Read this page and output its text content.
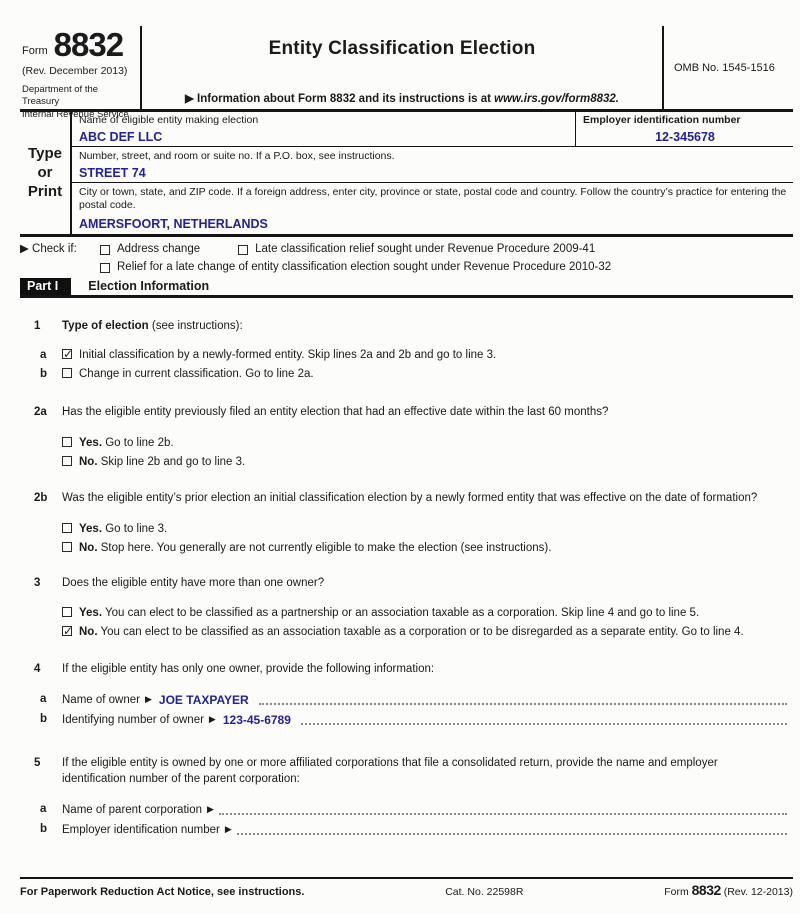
Form 8832
(Rev. December 2013)
Department of the Treasury
Internal Revenue Service
Entity Classification Election
▶ Information about Form 8832 and its instructions is at www.irs.gov/form8832.
OMB No. 1545-1516
Type
or
Print
Name of eligible entity making election
ABC DEF LLC
Employer identification number
12-345678
Number, street, and room or suite no. If a P.O. box, see instructions.
STREET 74
City or town, state, and ZIP code. If a foreign address, enter city, province or state, postal code and country. Follow the country’s practice for entering the postal code.
AMERSFOORT, NETHERLANDS
▶ Check if:	Address change	Late classification relief sought under Revenue Procedure 2009-41
Relief for a late change of entity classification election sought under Revenue Procedure 2010-32
Part I	Election Information
1	Type of election (see instructions):
a ✓	Initial classification by a newly-formed entity. Skip lines 2a and 2b and go to line 3.
b	Change in current classification. Go to line 2a.
2a	Has the eligible entity previously filed an entity election that had an effective date within the last 60 months?
Yes. Go to line 2b.
No. Skip line 2b and go to line 3.
2b	Was the eligible entity’s prior election an initial classification election by a newly formed entity that was effective on the date of formation?
Yes. Go to line 3.
No. Stop here. You generally are not currently eligible to make the election (see instructions).
3	Does the eligible entity have more than one owner?
Yes. You can elect to be classified as a partnership or an association taxable as a corporation. Skip line 4 and go to line 5.
✓
No. You can elect to be classified as an association taxable as a corporation or to be disregarded as a separate entity. Go to line 4.
4	If the eligible entity has only one owner, provide the following information:
a	Name of owner ▶ JOE TAXPAYER
b	Identifying number of owner ▶ 123-45-6789
5	If the eligible entity is owned by one or more affiliated corporations that file a consolidated return, provide the name and employer identification number of the parent corporation:
a	Name of parent corporation ▶
b	Employer identification number ▶
For Paperwork Reduction Act Notice, see instructions.	Cat. No. 22598R	Form 8832 (Rev. 12-2013)
